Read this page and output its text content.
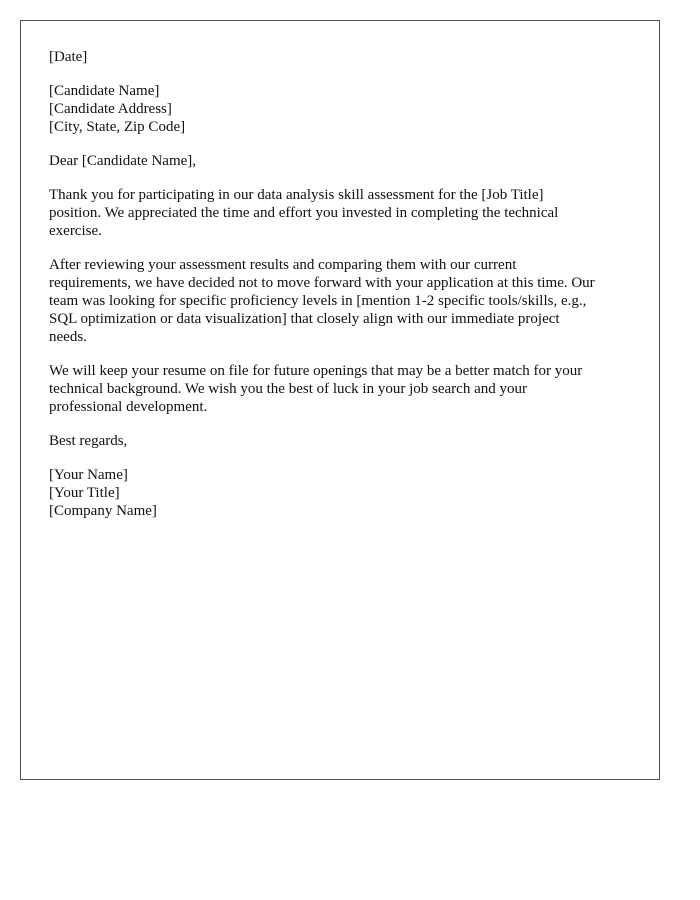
[Date]
[Candidate Name]
[Candidate Address]
[City, State, Zip Code]
Dear [Candidate Name],

Thank you for participating in our data analysis skill assessment for the [Job Title]
position. We appreciated the time and effort you invested in completing the technical
exercise.

After reviewing your assessment results and comparing them with our current
requirements, we have decided not to move forward with your application at this time. Our
team was looking for specific proficiency levels in [mention 1-2 specific tools/skills, e.g.,
SQL optimization or data visualization] that closely align with our immediate project
needs.

We will keep your resume on file for future openings that may be a better match for your
technical background. We wish you the best of luck in your job search and your
professional development.

Best regards,
[Your Name]
[Your Title]
[Company Name]
